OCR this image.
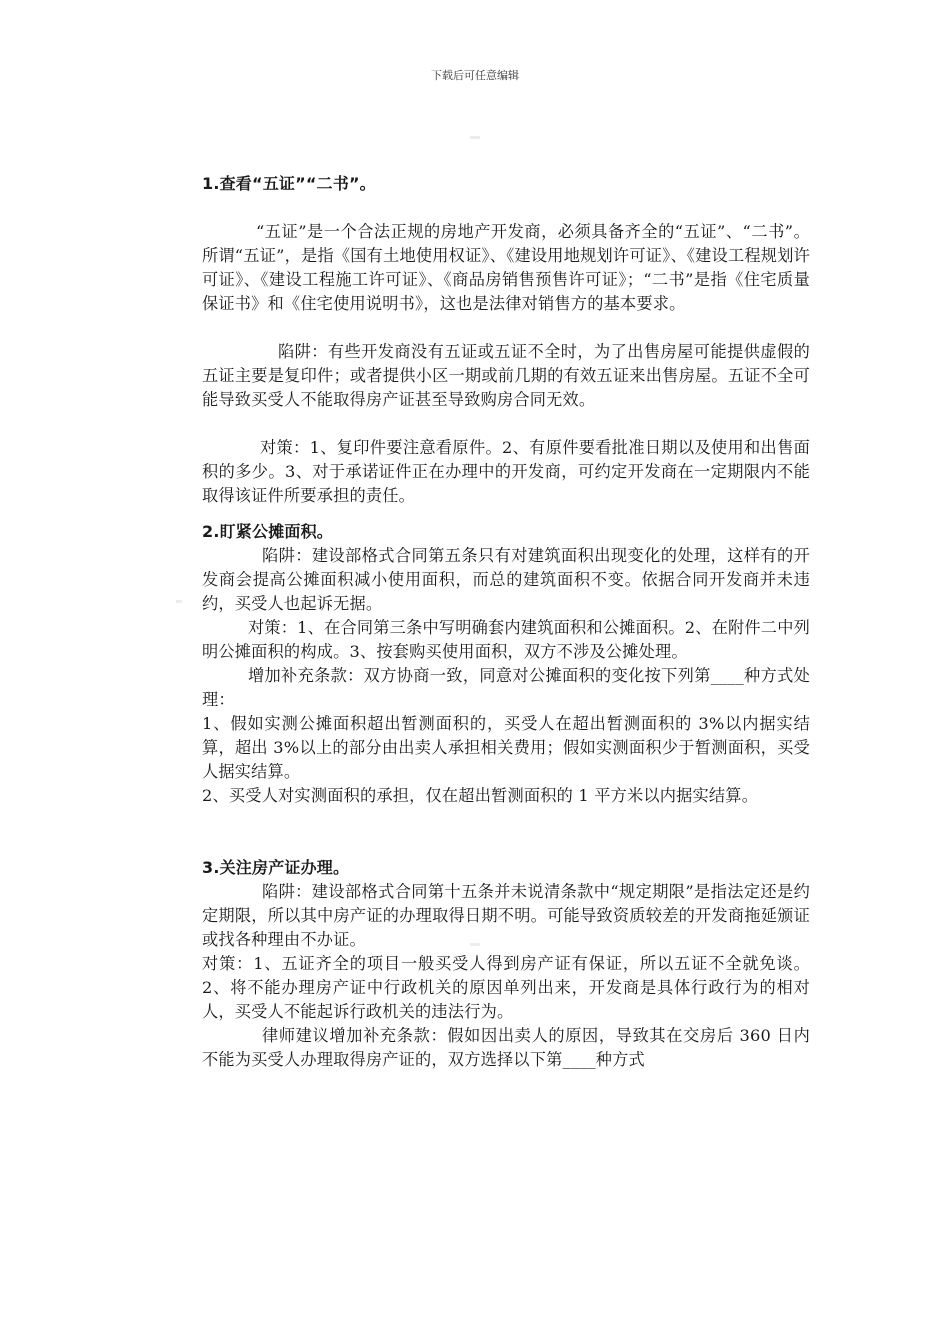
下载后可任意编辑
1.查看“五证”“二书”。

“五证”是一个合法正规的房地产开发商，必须具备齐全的“五证”、“二书”。所谓“五证”，是指《国有土地使用权证》、《建设用地规划许可证》、《建设工程规划许可证》、《建设工程施工许可证》、《商品房销售预售许可证》；“二书”是指《住宅质量保证书》和《住宅使用说明书》，这也是法律对销售方的基本要求。

陷阱：有些开发商没有五证或五证不全时，为了出售房屋可能提供虚假的五证主要是复印件；或者提供小区一期或前几期的有效五证来出售房屋。五证不全可能导致买受人不能取得房产证甚至导致购房合同无效。

对策：1、复印件要注意看原件。2、有原件要看批准日期以及使用和出售面积的多少。3、对于承诺证件正在办理中的开发商，可约定开发商在一定期限内不能取得该证件所要承担的责任。

2.盯紧公摊面积。

陷阱：建设部格式合同第五条只有对建筑面积出现变化的处理，这样有的开发商会提高公摊面积减小使用面积，而总的建筑面积不变。依据合同开发商并未违约，买受人也起诉无据。

对策：1、在合同第三条中写明确套内建筑面积和公摊面积。2、在附件二中列明公摊面积的构成。3、按套购买使用面积，双方不涉及公摊处理。

增加补充条款：双方协商一致，同意对公摊面积的变化按下列第____种方式处理：

1、假如实测公摊面积超出暂测面积的，买受人在超出暂测面积的 3%以内据实结算，超出 3%以上的部分由出卖人承担相关费用；假如实测面积少于暂测面积，买受人据实结算。

2、买受人对实测面积的承担，仅在超出暂测面积的 1 平方米以内据实结算。

3.关注房产证办理。

陷阱：建设部格式合同第十五条并未说清条款中“规定期限”是指法定还是约定期限，所以其中房产证的办理取得日期不明。可能导致资质较差的开发商拖延颁证或找各种理由不办证。

对策：1、五证齐全的项目一般买受人得到房产证有保证，所以五证不全就免谈。2、将不能办理房产证中行政机关的原因单列出来，开发商是具体行政行为的相对人，买受人不能起诉行政机关的违法行为。

律师建议增加补充条款：假如因出卖人的原因，导致其在交房后 360 日内不能为买受人办理取得房产证的，双方选择以下第____种方式
